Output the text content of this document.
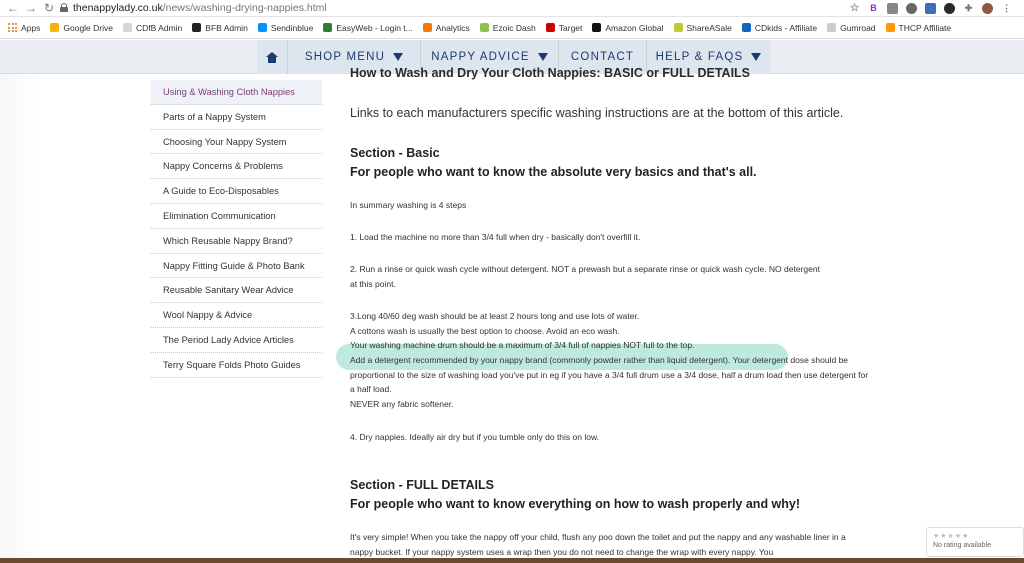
← → ↻ thenappylady.co.uk/news/washing-drying-nappies.html	☆ B	✚	⋮
Apps	Google Drive	CDfB Admin	BFB Admin	Sendinblue	EasyWeb - Login t...	Analytics	Ezoic Dash	Target	Amazon Global	ShareASale	CDkids - Affiliate	Gumroad	THCP Affiliate
SHOP MENU	NAPPY ADVICE	CONTACT HELP & FAQS
Using & Washing Cloth Nappies
Parts of a Nappy System
Choosing Your Nappy System
Nappy Concerns & Problems
A Guide to Eco-Disposables
Elimination Communication
Which Reusable Nappy Brand?
Nappy Fitting Guide & Photo Bank
Reusable Sanitary Wear Advice
Wool Nappy & Advice
The Period Lady Advice Articles
Terry Square Folds Photo Guides
How to Wash and Dry Your Cloth Nappies: BASIC or FULL DETAILS
Links to each manufacturers specific washing instructions are at the bottom of this article.
Section - Basic
For people who want to know the absolute very basics and that's all.
In summary washing is 4 steps
1. Load the machine no more than 3/4 full when dry - basically don't overfill it.
2. Run a rinse or quick wash cycle without detergent. NOT a prewash but a separate rinse or quick wash cycle. NO detergent at this point.
3.Long 40/60 deg wash should be at least 2 hours long and use lots of water.
A cottons wash is usually the best option to choose. Avoid an eco wash.
Your washing machine drum should be a maximum of 3/4 full of nappies NOT full to the top.
Add a detergent recommended by your nappy brand (commonly powder rather than liquid detergent). Your detergent dose should be proportional to the size of washing load you've put in eg if you have a 3/4 full drum use a 3/4 dose, half a drum load then use detergent for a half load.
NEVER any fabric softener.
4. Dry nappies. Ideally air dry but if you tumble only do this on low.
Section - FULL DETAILS
For people who want to know everything on how to wash properly and why!
It's very simple! When you take the nappy off your child, flush any poo down the toilet and put the nappy and any washable liner in a nappy bucket. If your nappy system uses a wrap then you do not need to change the wrap with every nappy. You
★★★★★
No rating available
